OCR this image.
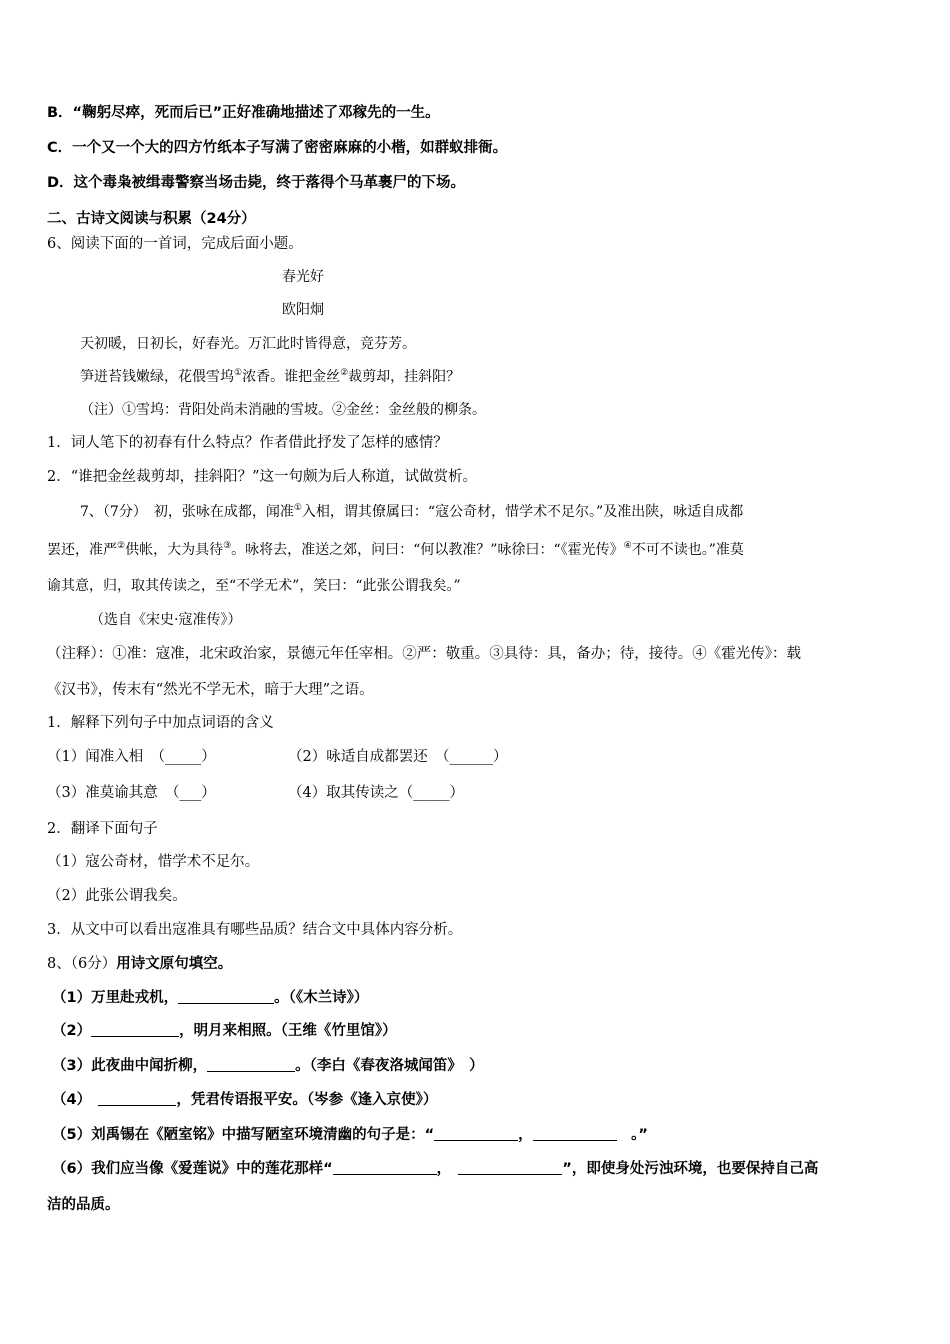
B．“鞠躬尽瘁，死而后已”正好准确地描述了邓稼先的一生。
C．一个又一个大的四方竹纸本子写满了密密麻麻的小楷，如群蚁排衙。
D．这个毒枭被缉毒警察当场击毙，终于落得个马革裹尸的下场。
二、古诗文阅读与积累（24分）
6、阅读下面的一首词，完成后面小题。
春光好
欧阳炯
天初暖，日初长，好春光。万汇此时皆得意，竞芬芳。
笋迸苔钱嫩绿，花偎雪坞①浓香。谁把金丝②裁剪却，挂斜阳？
（注）①雪坞：背阳处尚未消融的雪坡。②金丝：金丝般的柳条。
1．词人笔下的初春有什么特点？作者借此抒发了怎样的感情？
2．“谁把金丝裁剪却，挂斜阳？”这一句颇为后人称道，试做赏析。
7、（7分）　初，张咏在成都，闻准①入相，谓其僚属曰：“寇公奇材，惜学术不足尔。”及准出陕，咏适自成都
罢还，准严②供帐，大为具待③。咏将去，准送之郊，问曰：“何以教准？”咏徐曰：“《霍光传》④不可不读也。”准莫
谕其意，归，取其传读之，至“不学无术”，笑曰：“此张公谓我矣。”
（选自《宋史·寇准传》）
（注释）：①准：寇准，北宋政治家，景德元年任宰相。②严：敬重。③具待：具，备办；待，接待。④《霍光传》：载
《汉书》，传末有“然光不学无术，暗于大理”之语。
1．解释下列句子中加点词语的含义
（1）闻准入相　（_____）	（2）咏适自成都罢还　（______）
（3）准莫谕其意　（___）	（4）取其传读之（_____）
2．翻译下面句子
（1）寇公奇材，惜学术不足尔。
（2）此张公谓我矣。
3．从文中可以看出寇准具有哪些品质？结合文中具体内容分析。
8、（6分）用诗文原句填空。
（1）万里赴戎机，	。（《木兰诗》）
（2）	，明月来相照。（王维《竹里馆》）
（3）此夜曲中闻折柳，	。（李白《春夜洛城闻笛》　）
（4）　	，凭君传语报平安。（岑参《逢入京使》）
（5）刘禹锡在《陋室铭》中描写陋室环境清幽的句子是：“	，	　。”
（6）我们应当像《爱莲说》中的莲花那样“	，　	”，即使身处污浊环境，也要保持自己高
洁的品质。
